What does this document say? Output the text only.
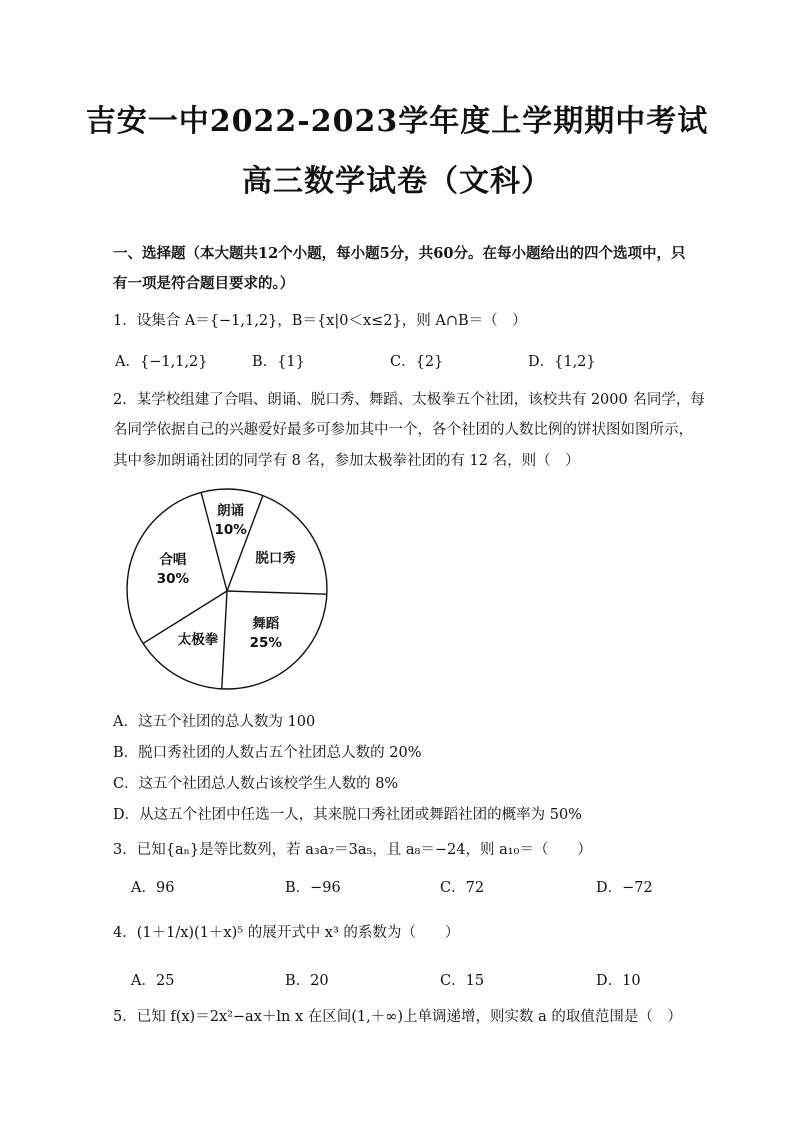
吉安一中2022-2023学年度上学期期中考试
高三数学试卷（文科）
一、选择题（本大题共12个小题，每小题5分，共60分。在每小题给出的四个选项中，只
有一项是符合题目要求的。）
1．设集合 A＝{−1,1,2}，B＝{x|0＜x≤2}，则 A∩B＝（　）
A．{−1,1,2}	B．{1}	C．{2}	D．{1,2}
2．某学校组建了合唱、朗诵、脱口秀、舞蹈、太极拳五个社团，该校共有 2000 名同学，每
名同学依据自己的兴趣爱好最多可参加其中一个，各个社团的人数比例的饼状图如图所示，
其中参加朗诵社团的同学有 8 名，参加太极拳社团的有 12 名，则（　）
朗诵
10%
脱口秀
舞蹈
25%
太极拳
合唱
30%
A．这五个社团的总人数为 100
B．脱口秀社团的人数占五个社团总人数的 20%
C．这五个社团总人数占该校学生人数的 8%
D．从这五个社团中任选一人，其来脱口秀社团或舞蹈社团的概率为 50%
3．已知{aₙ}是等比数列，若 a₃a₇＝3a₅，且 a₈＝−24，则 a₁₀＝（　　）
A．96	B．−96	C．72	D．−72
4．(1＋1/x)(1＋x)⁵ 的展开式中 x³ 的系数为（　　）
A．25	B．20	C．15	D．10
5．已知 f(x)＝2x²−ax＋ln x 在区间(1,＋∞)上单调递增，则实数 a 的取值范围是（　）
